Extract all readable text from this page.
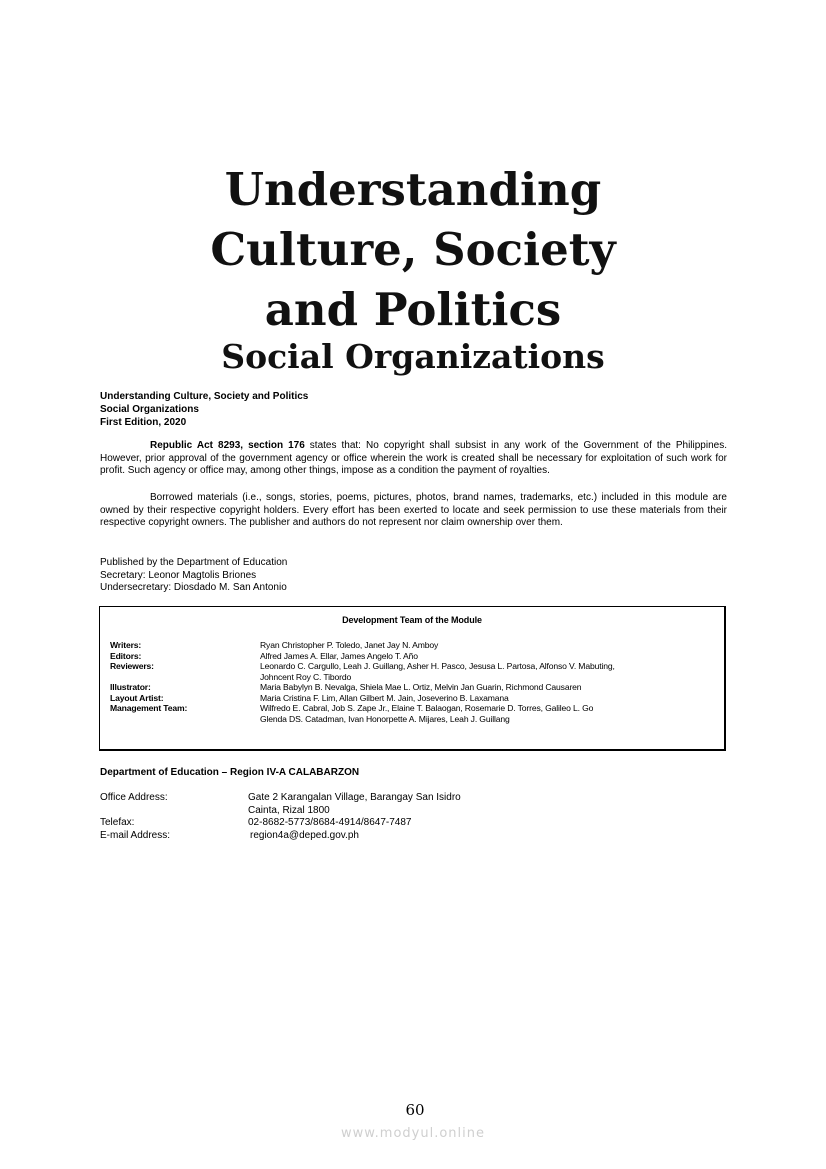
Understanding
Culture, Society
and Politics
Social Organizations
Understanding Culture, Society and Politics
Social Organizations
First Edition, 2020
Republic Act 8293, section 176 states that: No copyright shall subsist in any work of the Government of the Philippines. However, prior approval of the government agency or office wherein the work is created shall be necessary for exploitation of such work for profit. Such agency or office may, among other things, impose as a condition the payment of royalties.
Borrowed materials (i.e., songs, stories, poems, pictures, photos, brand names, trademarks, etc.) included in this module are owned by their respective copyright holders. Every effort has been exerted to locate and seek permission to use these materials from their respective copyright owners. The publisher and authors do not represent nor claim ownership over them.
Published by the Department of Education
Secretary: Leonor Magtolis Briones
Undersecretary: Diosdado M. San Antonio
Development Team of the Module
Writers:	Ryan Christopher P. Toledo, Janet Jay N. Amboy

Editors:	Alfred James A. Ellar, James Angelo T. Año

Reviewers:	Leonardo C. Cargullo, Leah J. Guillang, Asher H. Pasco, Jesusa L. Partosa, Alfonso V. Mabuting,
Johncent Roy C. Tibordo

Illustrator:	Maria Babylyn B. Nevalga, Shiela Mae L. Ortiz, Melvin Jan Guarin, Richmond Causaren

Layout Artist:	Maria Cristina F. Lim, Allan Gilbert M. Jain, Joseverino B. Laxamana

Management Team:	Wilfredo E. Cabral, Job S. Zape Jr., Elaine T. Balaogan, Rosemarie D. Torres, Galileo L. Go
Glenda DS. Catadman, Ivan Honorpette A. Mijares, Leah J. Guillang
Department of Education – Region IV-A CALABARZON
Office Address:	Gate 2 Karangalan Village, Barangay San Isidro
Cainta, Rizal 1800

Telefax:	02-8682-5773/8684-4914/8647-7487
E-mail Address:	region4a@deped.gov.ph
60
www.modyul.online
